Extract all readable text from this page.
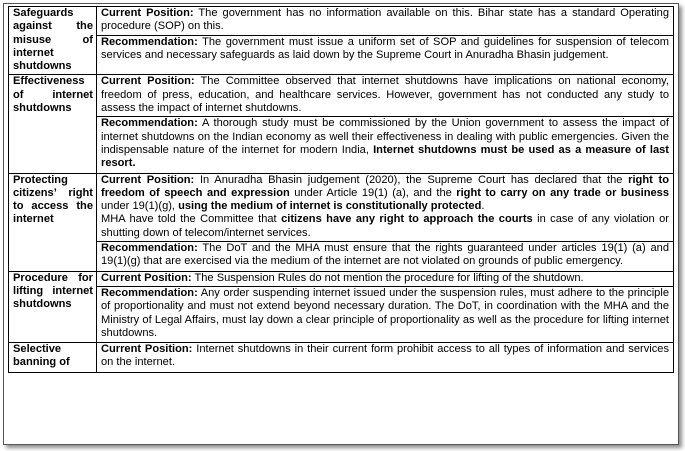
Safeguards against the misuse of internet shutdowns	Current Position: The government has no information available on this. Bihar state has a standard Operating procedure (SOP) on this.
Recommendation: The government must issue a uniform set of SOP and guidelines for suspension of telecom services and necessary safeguards as laid down by the Supreme Court in Anuradha Bhasin judgement.

Effectiveness of internet shutdowns	Current Position: The Committee observed that internet shutdowns have implications on national economy, freedom of press, education, and healthcare services. However, government has not conducted any study to assess the impact of internet shutdowns.
Recommendation: A thorough study must be commissioned by the Union government to assess the impact of internet shutdowns on the Indian economy as well their effectiveness in dealing with public emergencies. Given the indispensable nature of the internet for modern India, Internet shutdowns must be used as a measure of last resort.

Protecting citizens’ right to access the internet	Current Position: In Anuradha Bhasin judgement (2020), the Supreme Court has declared that the right to freedom of speech and expression under Article 19(1) (a), and the right to carry on any trade or business under 19(1)(g), using the medium of internet is constitutionally protected.

MHA have told the Committee that citizens have any right to approach the courts in case of any violation or shutting down of telecom/internet services.

Recommendation: The DoT and the MHA must ensure that the rights guaranteed under articles 19(1) (a) and 19(1)(g) that are exercised via the medium of the internet are not violated on grounds of public emergency.

Procedure for lifting internet shutdowns	Current Position: The Suspension Rules do not mention the procedure for lifting of the shutdown.
Recommendation: Any order suspending internet issued under the suspension rules, must adhere to the principle of proportionality and must not extend beyond necessary duration. The DoT, in coordination with the MHA and the Ministry of Legal Affairs, must lay down a clear principle of proportionality as well as the procedure for lifting internet shutdowns.

Selective banning of	Current Position: Internet shutdowns in their current form prohibit access to all types of information and services on the internet.
